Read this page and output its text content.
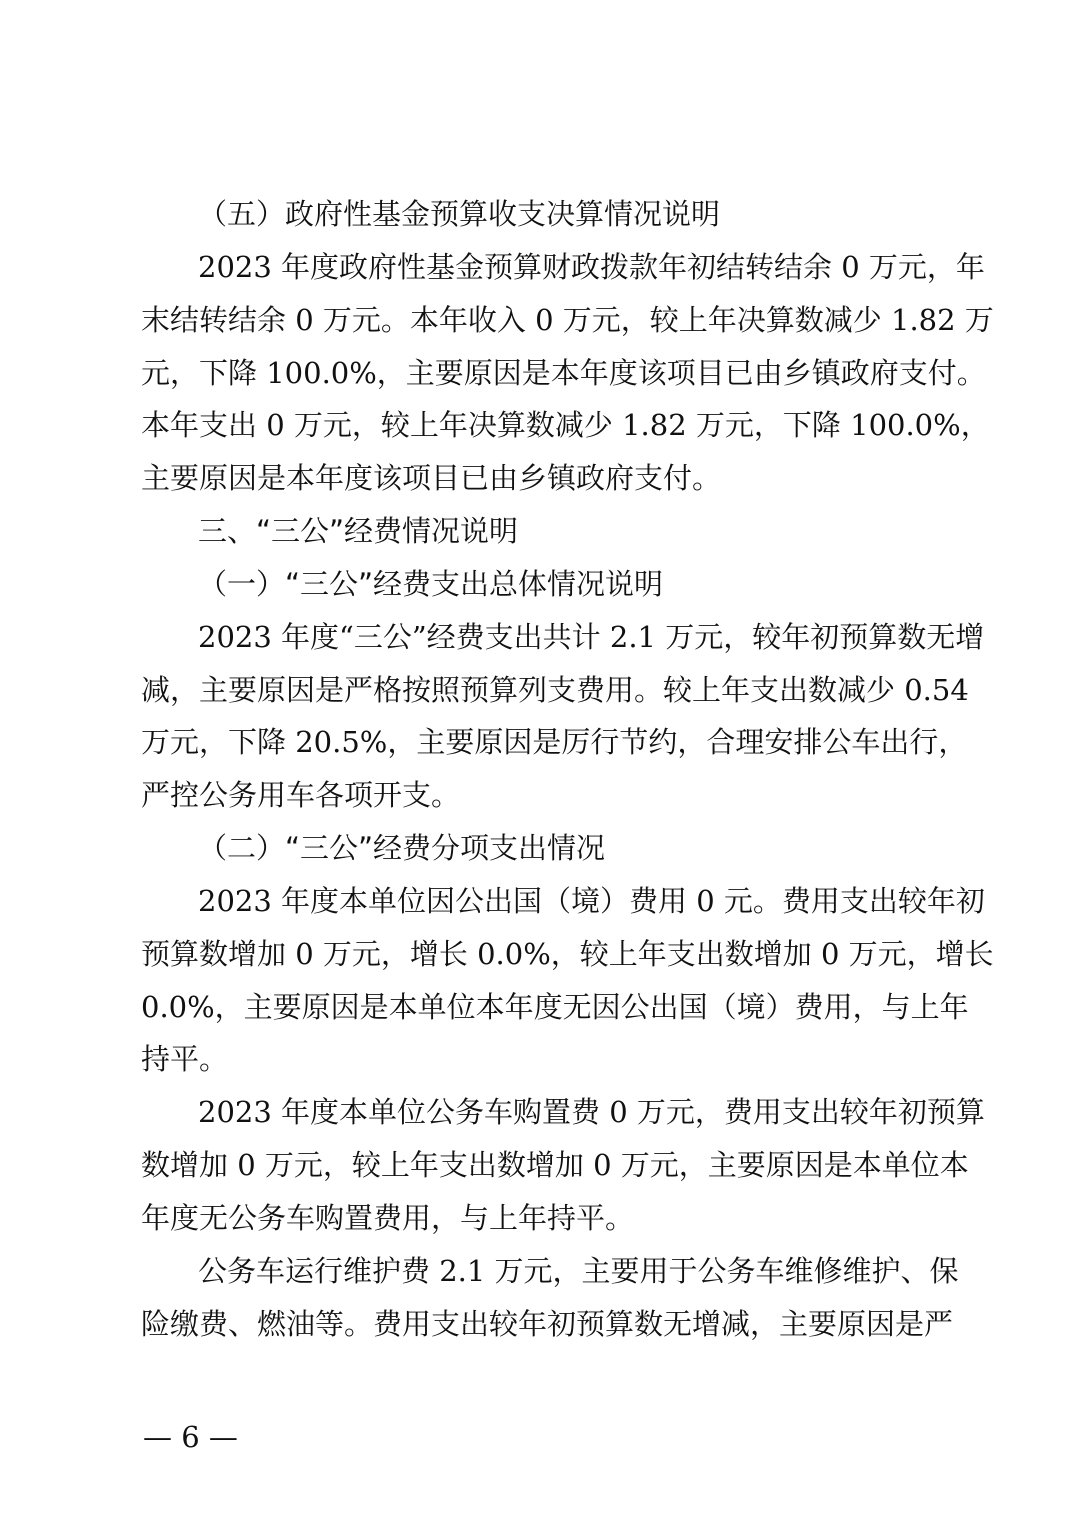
（五）政府性基金预算收支决算情况说明
2023 年度政府性基金预算财政拨款年初结转结余 0 万元，年
末结转结余 0 万元。本年收入 0 万元，较上年决算数减少 1.82 万
元，下降 100.0%，主要原因是本年度该项目已由乡镇政府支付。
本年支出 0 万元，较上年决算数减少 1.82 万元，下降 100.0%，
主要原因是本年度该项目已由乡镇政府支付。
三、“三公”经费情况说明
（一）“三公”经费支出总体情况说明
2023 年度“三公”经费支出共计 2.1 万元，较年初预算数无增
减，主要原因是严格按照预算列支费用。较上年支出数减少 0.54
万元，下降 20.5%，主要原因是厉行节约，合理安排公车出行，
严控公务用车各项开支。
（二）“三公”经费分项支出情况
2023 年度本单位因公出国（境）费用 0 元。费用支出较年初
预算数增加 0 万元，增长 0.0%，较上年支出数增加 0 万元，增长
0.0%，主要原因是本单位本年度无因公出国（境）费用，与上年
持平。
2023 年度本单位公务车购置费 0 万元，费用支出较年初预算
数增加 0 万元，较上年支出数增加 0 万元，主要原因是本单位本
年度无公务车购置费用，与上年持平。
公务车运行维护费 2.1 万元，主要用于公务车维修维护、保
险缴费、燃油等。费用支出较年初预算数无增减，主要原因是严
— 6 —
